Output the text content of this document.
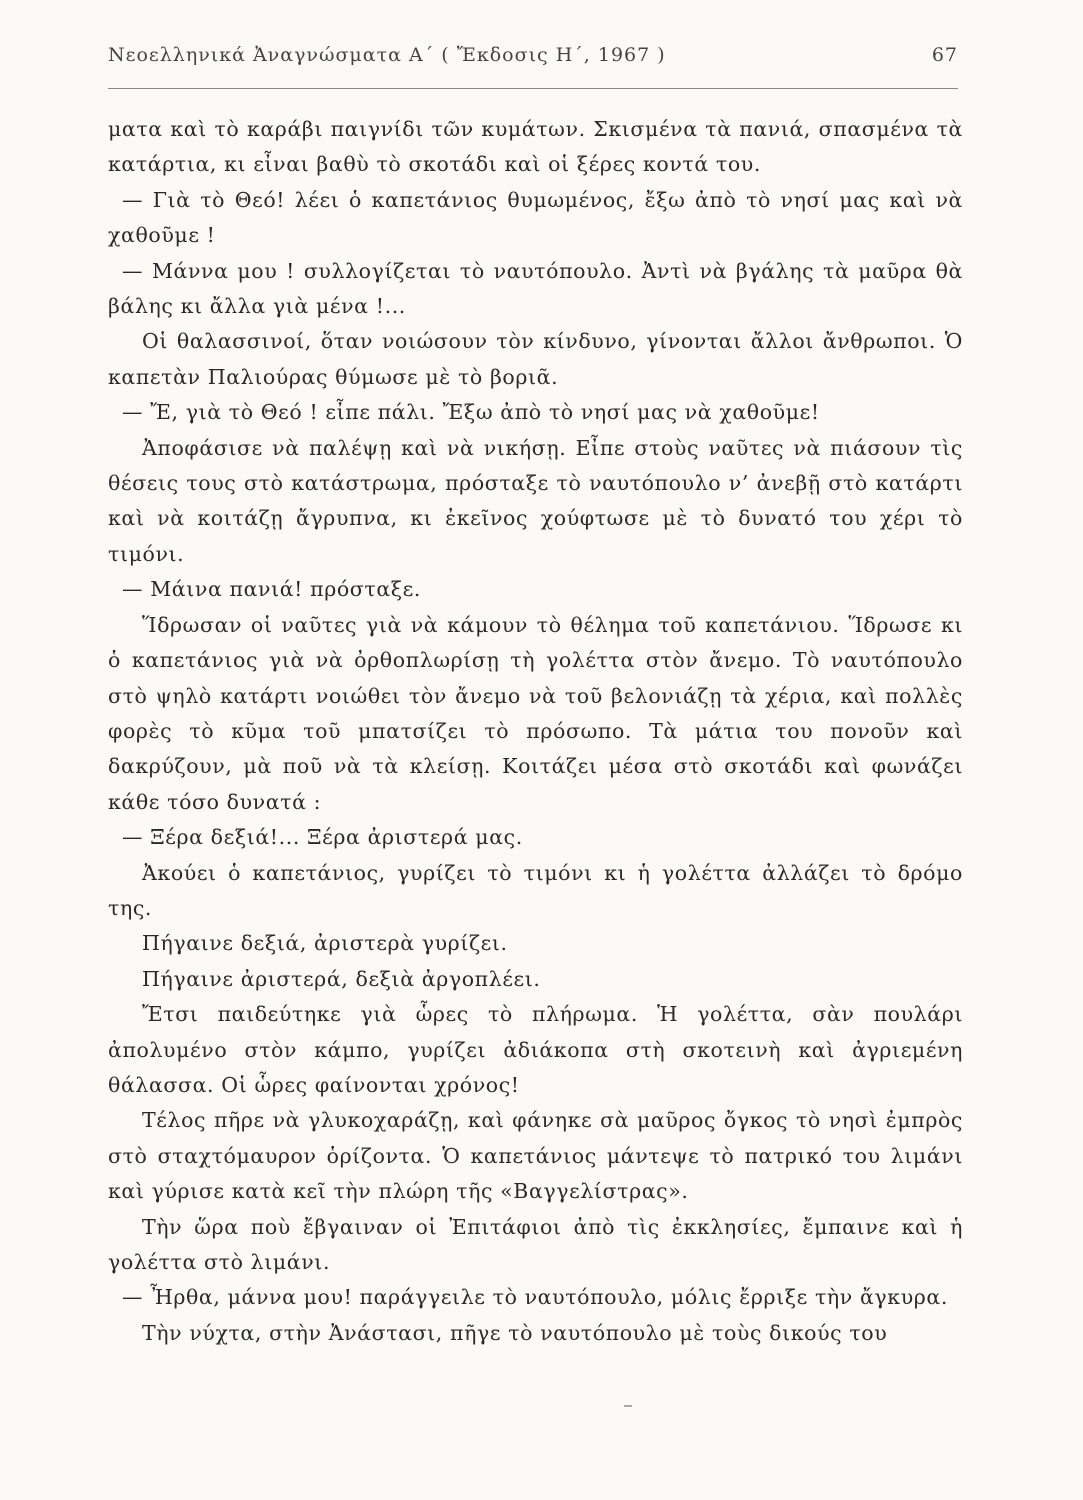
Νεοελληνικά Ἀναγνώσματα Α΄ ( Ἔκδοσις Η΄, 1967 )	67

ματα καὶ τὸ καράβι παιγνίδι τῶν κυμάτων. Σκισμένα τὰ πανιά, σπασμένα τὰ κατάρτια, κι εἶναι βαθὺ τὸ σκοτάδι καὶ οἱ ξέρες κοντά του.

— Γιὰ τὸ Θεό! λέει ὁ καπετάνιος θυμωμένος, ἔξω ἀπὸ τὸ νησί μας καὶ νὰ χαθοῦμε !

— Μάννα μου ! συλλογίζεται τὸ ναυτόπουλο. Ἀντὶ νὰ βγάλης τὰ μαῦρα θὰ βάλης κι ἄλλα γιὰ μένα !...

Οἱ θαλασσινοί, ὅταν νοιώσουν τὸν κίνδυνο, γίνονται ἄλλοι ἄνθρωποι. Ὁ καπετὰν Παλιούρας θύμωσε μὲ τὸ βοριᾶ.

— Ἔ, γιὰ τὸ Θεό ! εἶπε πάλι. Ἔξω ἀπὸ τὸ νησί μας νὰ χαθοῦμε!

Ἀποφάσισε νὰ παλέψῃ καὶ νὰ νικήσῃ. Εἶπε στοὺς ναῦτες νὰ πιάσουν τὶς θέσεις τους στὸ κατάστρωμα, πρόσταξε τὸ ναυτόπουλο ν’ ἀνεβῇ στὸ κατάρτι καὶ νὰ κοιτάζῃ ἄγρυπνα, κι ἐκεῖνος χούφτωσε μὲ τὸ δυνατό του χέρι τὸ τιμόνι.

— Μάινα πανιά! πρόσταξε.

Ἵδρωσαν οἱ ναῦτες γιὰ νὰ κάμουν τὸ θέλημα τοῦ καπετάνιου. Ἵδρωσε κι ὁ καπετάνιος γιὰ νὰ ὀρθοπλωρίσῃ τὴ γολέττα στὸν ἄνεμο. Τὸ ναυτόπουλο στὸ ψηλὸ κατάρτι νοιώθει τὸν ἄνεμο νὰ τοῦ βελονιάζῃ τὰ χέρια, καὶ πολλὲς φορὲς τὸ κῦμα τοῦ μπατσίζει τὸ πρόσωπο. Τὰ μάτια του πονοῦν καὶ δακρύζουν, μὰ ποῦ νὰ τὰ κλείσῃ. Κοιτάζει μέσα στὸ σκοτάδι καὶ φωνάζει κάθε τόσο δυνατά :

— Ξέρα δεξιά!... Ξέρα ἀριστερά μας.

Ἀκούει ὁ καπετάνιος, γυρίζει τὸ τιμόνι κι ἡ γολέττα ἀλλάζει τὸ δρόμο της.

Πήγαινε δεξιά, ἀριστερὰ γυρίζει.

Πήγαινε ἀριστερά, δεξιὰ ἀργοπλέει.

Ἔτσι παιδεύτηκε γιὰ ὧρες τὸ πλήρωμα. Ἡ γολέττα, σὰν πουλάρι ἀπολυμένο στὸν κάμπο, γυρίζει ἀδιάκοπα στὴ σκοτεινὴ καὶ ἀγριεμένη θάλασσα. Οἱ ὧρες φαίνονται χρόνος!

Τέλος πῆρε νὰ γλυκοχαράζῃ, καὶ φάνηκε σὰ μαῦρος ὄγκος τὸ νησὶ ἐμπρὸς στὸ σταχτόμαυρον ὁρίζοντα. Ὁ καπετάνιος μάντεψε τὸ πατρικό του λιμάνι καὶ γύρισε κατὰ κεῖ τὴν πλώρη τῆς «Βαγγελίστρας».

Τὴν ὥρα ποὺ ἔβγαιναν οἱ Ἐπιτάφιοι ἀπὸ τὶς ἐκκλησίες, ἔμπαινε καὶ ἡ γολέττα στὸ λιμάνι.

— Ἦρθα, μάννα μου! παράγγειλε τὸ ναυτόπουλο, μόλις ἔρριξε τὴν ἄγκυρα.

Τὴν νύχτα, στὴν Ἀνάστασι, πῆγε τὸ ναυτόπουλο μὲ τοὺς δικούς του
